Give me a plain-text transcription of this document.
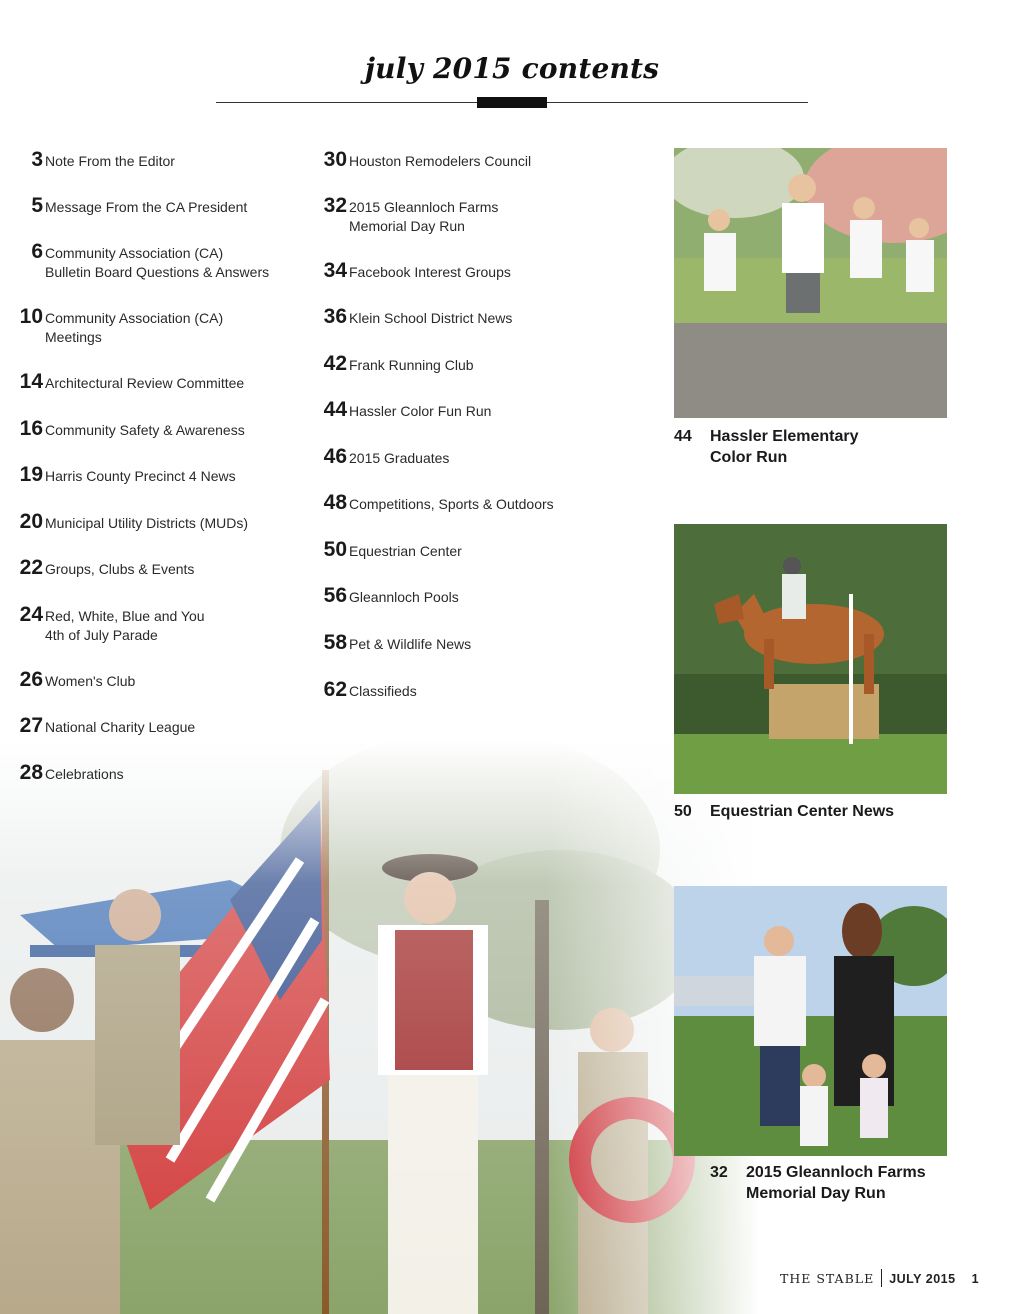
july 2015 contents
3 Note From the Editor
5 Message From the CA President
6 Community Association (CA)
Bulletin Board Questions & Answers
10 Community Association (CA)
Meetings
14 Architectural Review Committee
16 Community Safety & Awareness
19 Harris County Precinct 4 News
20 Municipal Utility Districts (MUDs)
22 Groups, Clubs & Events
24 Red, White, Blue and You
4th of July Parade
26 Women's Club
27 National Charity League
28 Celebrations
30 Houston Remodelers Council
32 2015 Gleannloch Farms
Memorial Day Run
34 Facebook Interest Groups
36 Klein School District News
42 Frank Running Club
44 Hassler Color Fun Run
46 2015 Graduates
48 Competitions, Sports & Outdoors
50 Equestrian Center
56 Gleannloch Pools
58 Pet & Wildlife News
62 Classifieds
44 Hassler Elementary
Color Run
50 Equestrian Center News
32 2015 Gleannloch Farms
Memorial Day Run
THE STABLE JULY 2015 1
